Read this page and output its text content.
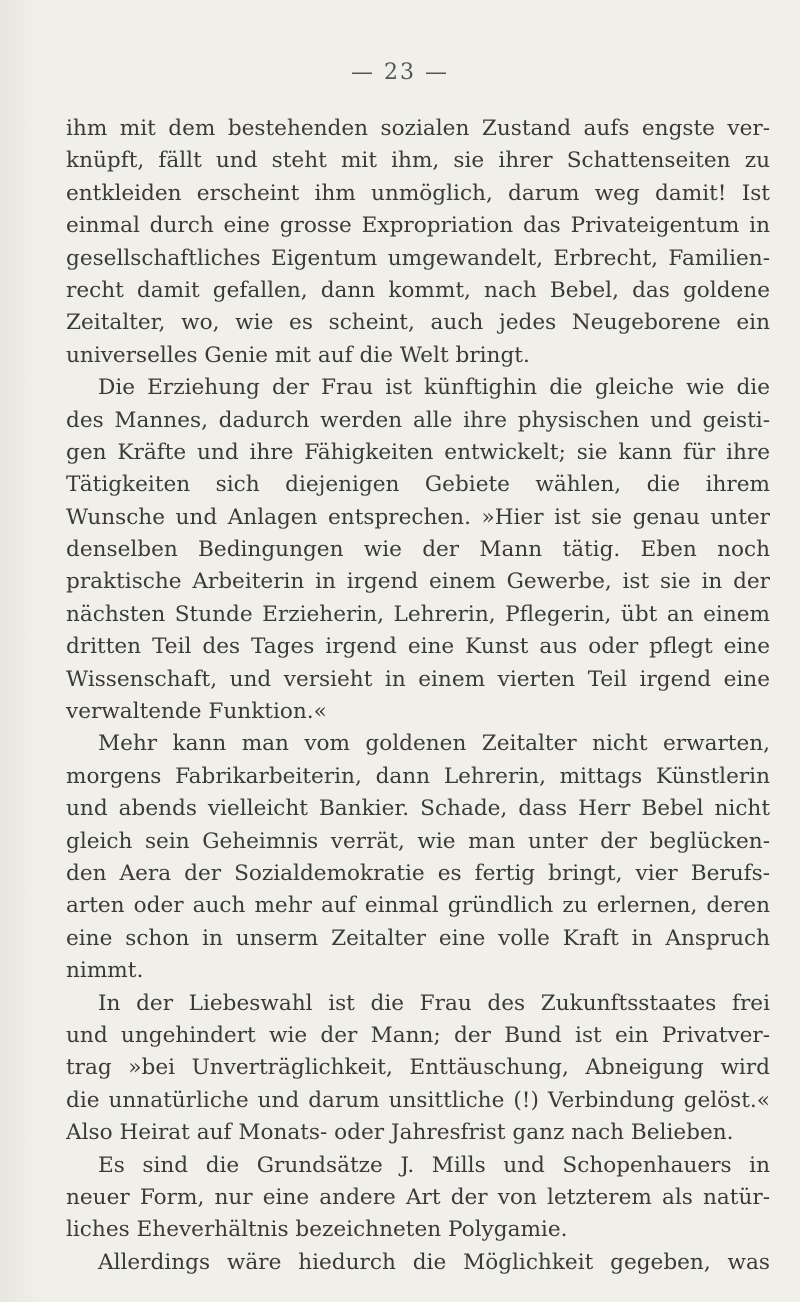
— 23 —
ihm mit dem bestehenden sozialen Zustand aufs engste ver-
knüpft, fällt und steht mit ihm, sie ihrer Schattenseiten zu
entkleiden erscheint ihm unmöglich, darum weg damit! Ist
einmal durch eine grosse Expropriation das Privateigentum in
gesellschaftliches Eigentum umgewandelt, Erbrecht, Familien-
recht damit gefallen, dann kommt, nach Bebel, das goldene
Zeitalter, wo, wie es scheint, auch jedes Neugeborene ein
universelles Genie mit auf die Welt bringt.
Die Erziehung der Frau ist künftighin die gleiche wie die
des Mannes, dadurch werden alle ihre physischen und geisti-
gen Kräfte und ihre Fähigkeiten entwickelt; sie kann für ihre
Tätigkeiten sich diejenigen Gebiete wählen, die ihrem
Wunsche und Anlagen entsprechen. »Hier ist sie genau unter
denselben Bedingungen wie der Mann tätig. Eben noch
praktische Arbeiterin in irgend einem Gewerbe, ist sie in der
nächsten Stunde Erzieherin, Lehrerin, Pflegerin, übt an einem
dritten Teil des Tages irgend eine Kunst aus oder pflegt eine
Wissenschaft, und versieht in einem vierten Teil irgend eine
verwaltende Funktion.«
Mehr kann man vom goldenen Zeitalter nicht erwarten,
morgens Fabrikarbeiterin, dann Lehrerin, mittags Künstlerin
und abends vielleicht Bankier. Schade, dass Herr Bebel nicht
gleich sein Geheimnis verrät, wie man unter der beglücken-
den Aera der Sozialdemokratie es fertig bringt, vier Berufs-
arten oder auch mehr auf einmal gründlich zu erlernen, deren
eine schon in unserm Zeitalter eine volle Kraft in Anspruch
nimmt.
In der Liebeswahl ist die Frau des Zukunftsstaates frei
und ungehindert wie der Mann; der Bund ist ein Privatver-
trag »bei Unverträglichkeit, Enttäuschung, Abneigung wird
die unnatürliche und darum unsittliche (!) Verbindung gelöst.«
Also Heirat auf Monats- oder Jahresfrist ganz nach Belieben.
Es sind die Grundsätze J. Mills und Schopenhauers in
neuer Form, nur eine andere Art der von letzterem als natür-
liches Eheverhältnis bezeichneten Polygamie.
Allerdings wäre hiedurch die Möglichkeit gegeben, was
